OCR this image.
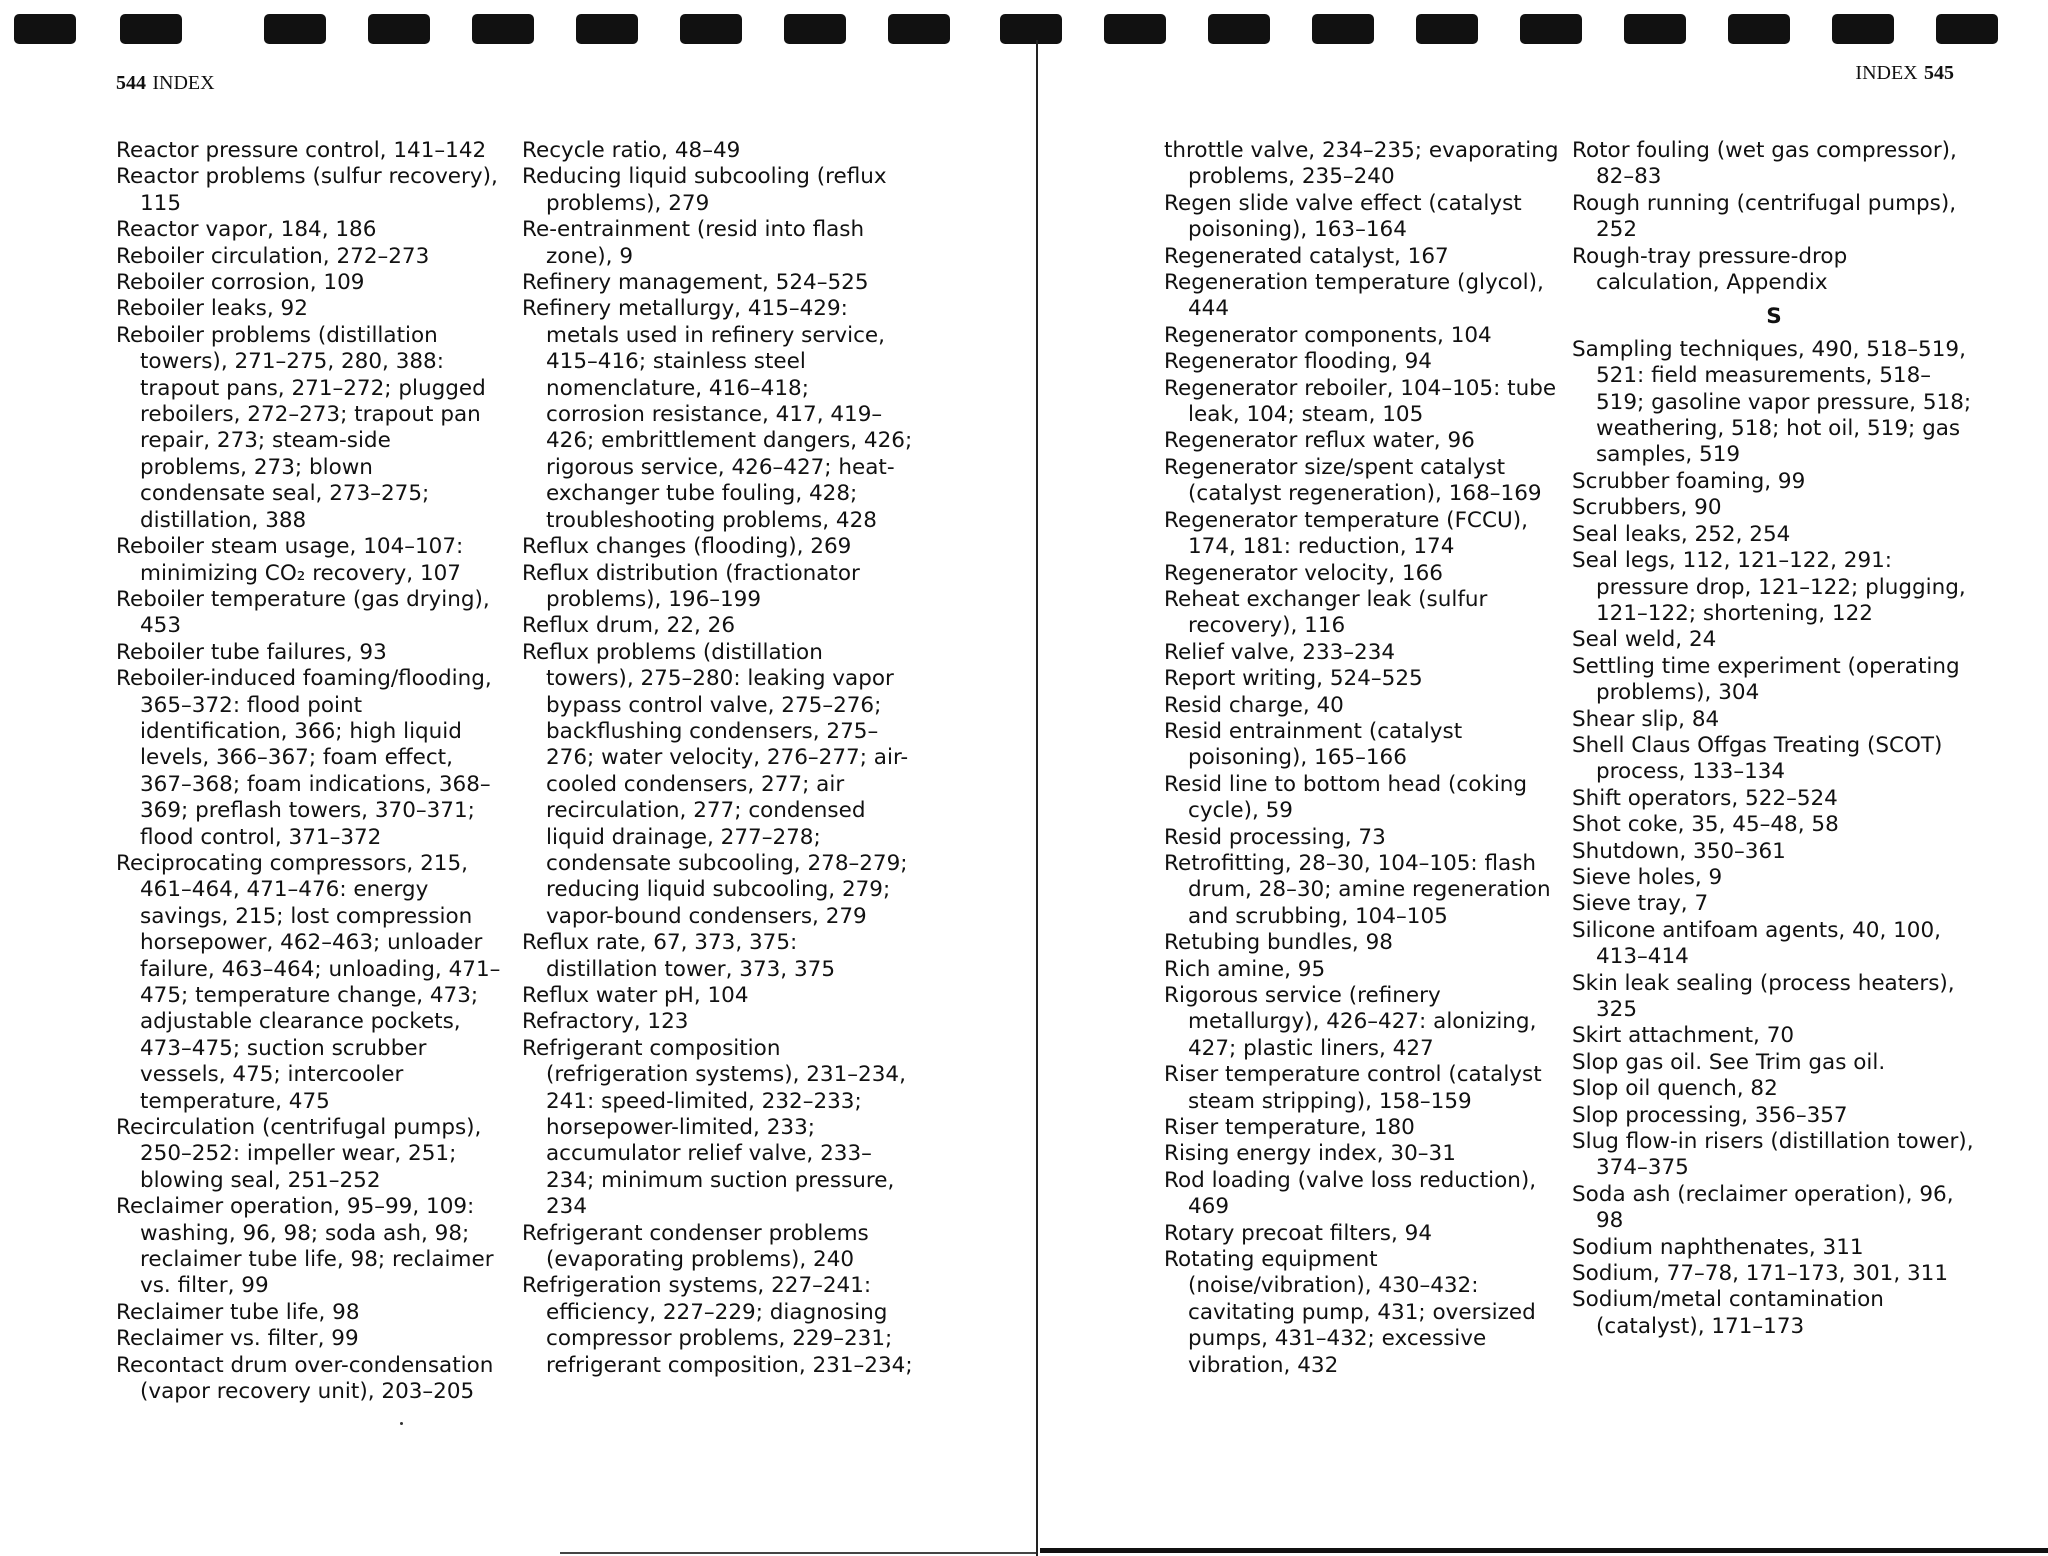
544 INDEX	INDEX 545

Reactor pressure control, 141–142

Reactor problems (sulfur recovery), 115

Reactor vapor, 184, 186

Reboiler circulation, 272–273

Reboiler corrosion, 109

Reboiler leaks, 92

Reboiler problems (distillation towers), 271–275, 280, 388: trapout pans, 271–272; plugged reboilers, 272–273; trapout pan repair, 273; steam-side problems, 273; blown condensate seal, 273–275; distillation, 388

Reboiler steam usage, 104–107: minimizing CO₂ recovery, 107

Reboiler temperature (gas drying), 453

Reboiler tube failures, 93

Reboiler-induced foaming/flooding, 365–372: flood point identification, 366; high liquid levels, 366–367; foam effect, 367–368; foam indications, 368–369; preflash towers, 370–371; flood control, 371–372

Reciprocating compressors, 215, 461–464, 471–476: energy savings, 215; lost compression horsepower, 462–463; unloader failure, 463–464; unloading, 471–475; temperature change, 473; adjustable clearance pockets, 473–475; suction scrubber vessels, 475; intercooler temperature, 475

Recirculation (centrifugal pumps), 250–252: impeller wear, 251; blowing seal, 251–252

Reclaimer operation, 95–99, 109: washing, 96, 98; soda ash, 98; reclaimer tube life, 98; reclaimer vs. filter, 99

Reclaimer tube life, 98

Reclaimer vs. filter, 99

Recontact drum over-condensation (vapor recovery unit), 203–205

Recycle ratio, 48–49

Reducing liquid subcooling (reflux problems), 279

Re-entrainment (resid into flash zone), 9

Refinery management, 524–525

Refinery metallurgy, 415–429: metals used in refinery service, 415–416; stainless steel nomenclature, 416–418; corrosion resistance, 417, 419–426; embrittlement dangers, 426; rigorous service, 426–427; heat-exchanger tube fouling, 428; troubleshooting problems, 428

Reflux changes (flooding), 269

Reflux distribution (fractionator problems), 196–199

Reflux drum, 22, 26

Reflux problems (distillation towers), 275–280: leaking vapor bypass control valve, 275–276; backflushing condensers, 275–276; water velocity, 276–277; air-cooled condensers, 277; air recirculation, 277; condensed liquid drainage, 277–278; condensate subcooling, 278–279; reducing liquid subcooling, 279; vapor-bound condensers, 279

Reflux rate, 67, 373, 375: distillation tower, 373, 375

Reflux water pH, 104

Refractory, 123

Refrigerant composition (refrigeration systems), 231–234, 241: speed-limited, 232–233; horsepower-limited, 233; accumulator relief valve, 233–234; minimum suction pressure, 234

Refrigerant condenser problems (evaporating problems), 240

Refrigeration systems, 227–241: efficiency, 227–229; diagnosing compressor problems, 229–231; refrigerant composition, 231–234;

throttle valve, 234–235; evaporating problems, 235–240

Regen slide valve effect (catalyst poisoning), 163–164

Regenerated catalyst, 167

Regeneration temperature (glycol), 444

Regenerator components, 104

Regenerator flooding, 94

Regenerator reboiler, 104–105: tube leak, 104; steam, 105

Regenerator reflux water, 96

Regenerator size/spent catalyst (catalyst regeneration), 168–169

Regenerator temperature (FCCU), 174, 181: reduction, 174

Regenerator velocity, 166

Reheat exchanger leak (sulfur recovery), 116

Relief valve, 233–234

Report writing, 524–525

Resid charge, 40

Resid entrainment (catalyst poisoning), 165–166

Resid line to bottom head (coking cycle), 59

Resid processing, 73

Retrofitting, 28–30, 104–105: flash drum, 28–30; amine regeneration and scrubbing, 104–105

Retubing bundles, 98

Rich amine, 95

Rigorous service (refinery metallurgy), 426–427: alonizing, 427; plastic liners, 427

Riser temperature control (catalyst steam stripping), 158–159

Riser temperature, 180

Rising energy index, 30–31

Rod loading (valve loss reduction), 469

Rotary precoat filters, 94

Rotating equipment (noise/vibration), 430–432: cavitating pump, 431; oversized pumps, 431–432; excessive vibration, 432

Rotor fouling (wet gas compressor), 82–83

Rough running (centrifugal pumps), 252

Rough-tray pressure-drop calculation, Appendix

S

Sampling techniques, 490, 518–519, 521: field measurements, 518–519; gasoline vapor pressure, 518; weathering, 518; hot oil, 519; gas samples, 519

Scrubber foaming, 99

Scrubbers, 90

Seal leaks, 252, 254

Seal legs, 112, 121–122, 291: pressure drop, 121–122; plugging, 121–122; shortening, 122

Seal weld, 24

Settling time experiment (operating problems), 304

Shear slip, 84

Shell Claus Offgas Treating (SCOT) process, 133–134

Shift operators, 522–524

Shot coke, 35, 45–48, 58

Shutdown, 350–361

Sieve holes, 9

Sieve tray, 7

Silicone antifoam agents, 40, 100, 413–414

Skin leak sealing (process heaters), 325

Skirt attachment, 70

Slop gas oil. See Trim gas oil.

Slop oil quench, 82

Slop processing, 356–357

Slug flow-in risers (distillation tower), 374–375

Soda ash (reclaimer operation), 96, 98

Sodium naphthenates, 311

Sodium, 77–78, 171–173, 301, 311

Sodium/metal contamination (catalyst), 171–173
